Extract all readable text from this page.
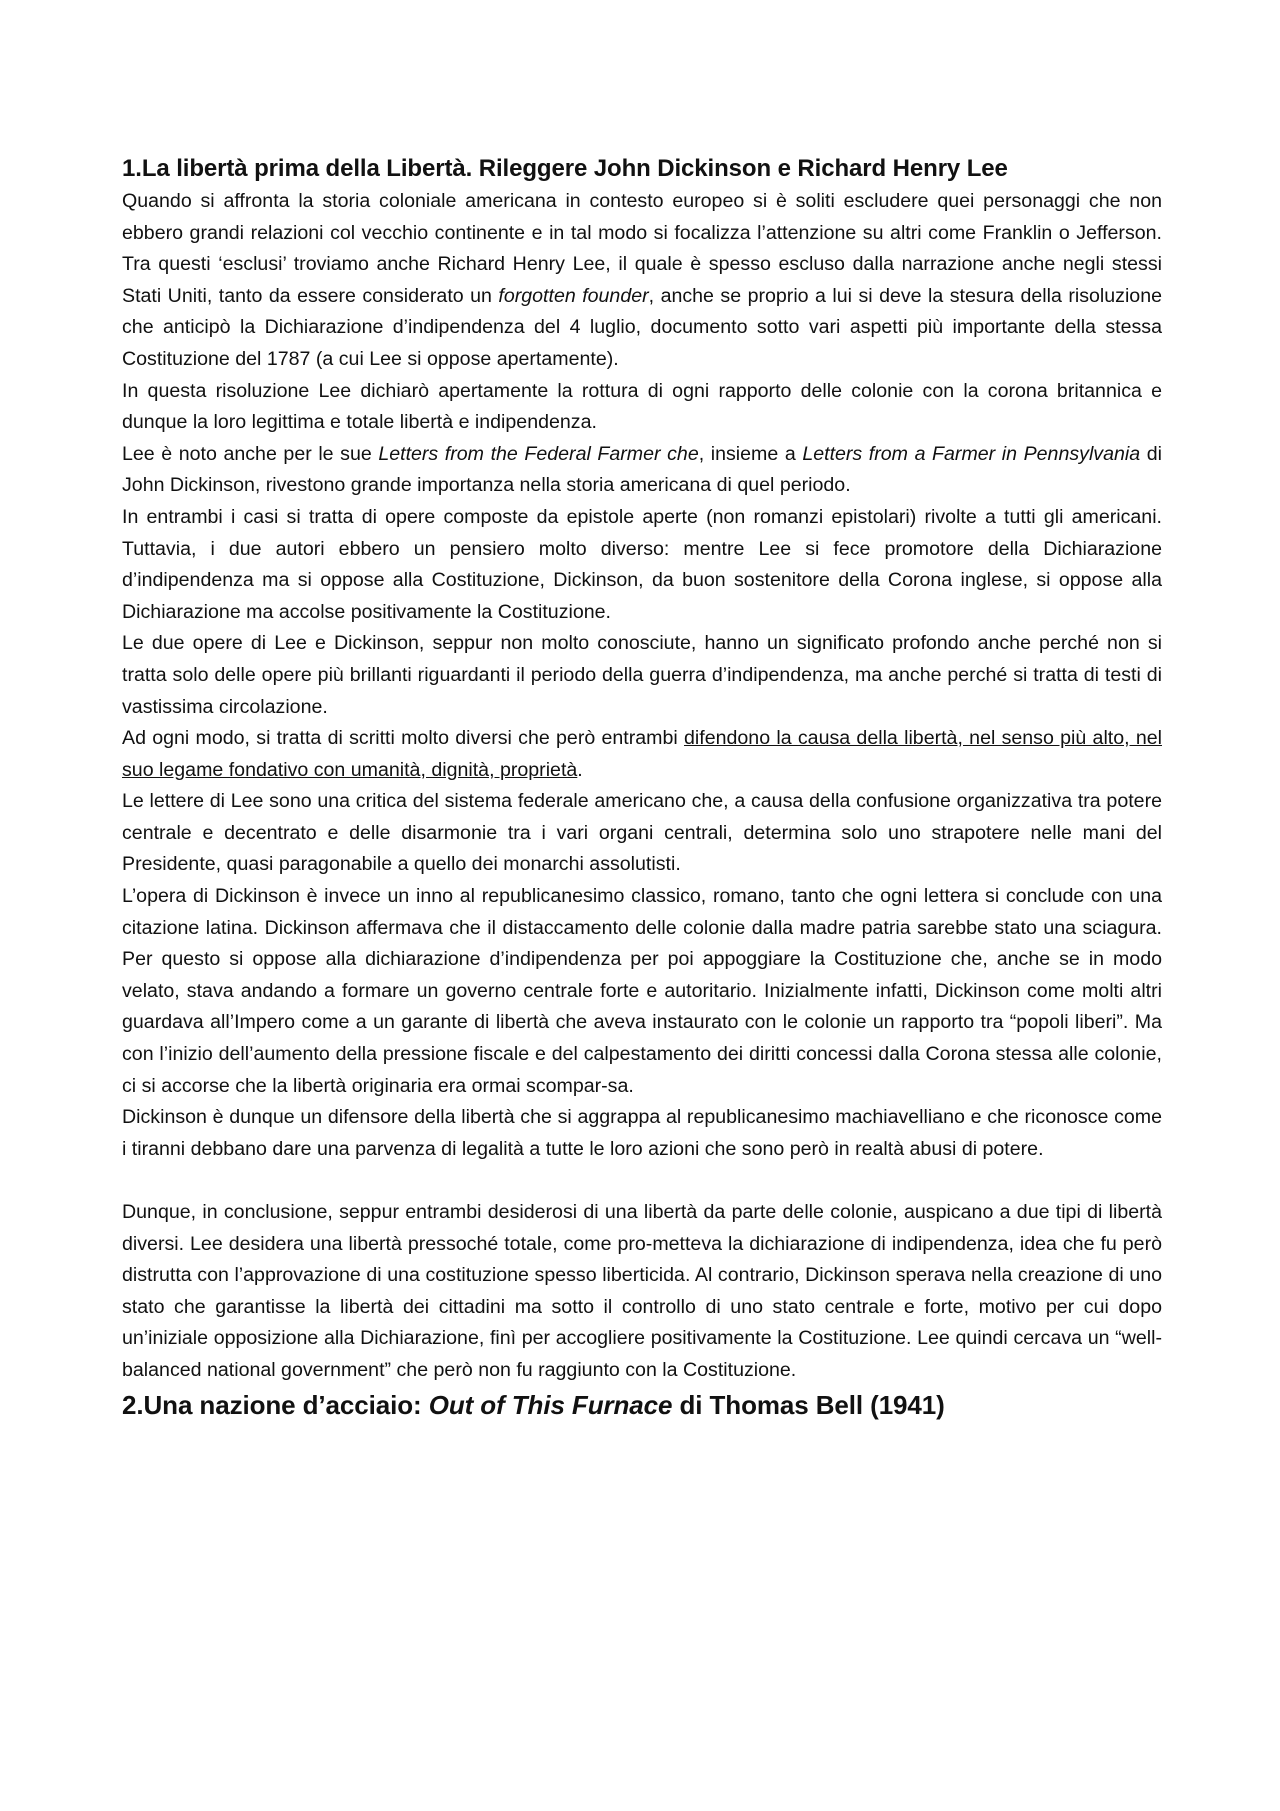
1.La libertà prima della Libertà. Rileggere John Dickinson e Richard Henry Lee

Quando si affronta la storia coloniale americana in contesto europeo si è soliti escludere quei personaggi che non ebbero grandi relazioni col vecchio continente e in tal modo si focalizza l’attenzione su altri come Franklin o Jefferson. Tra questi ‘esclusi’ troviamo anche Richard Henry Lee, il quale è spesso escluso dalla narrazione anche negli stessi Stati Uniti, tanto da essere considerato un forgotten founder, anche se proprio a lui si deve la stesura della risoluzione che anticipò la Dichiarazione d’indipendenza del 4 luglio, documento sotto vari aspetti più importante della stessa Costituzione del 1787 (a cui Lee si oppose apertamente).

In questa risoluzione Lee dichiarò apertamente la rottura di ogni rapporto delle colonie con la corona britannica e dunque la loro legittima e totale libertà e indipendenza.

Lee è noto anche per le sue Letters from the Federal Farmer che, insieme a Letters from a Farmer in Pennsylvania di John Dickinson, rivestono grande importanza nella storia americana di quel periodo.

In entrambi i casi si tratta di opere composte da epistole aperte (non romanzi epistolari) rivolte a tutti gli americani. Tuttavia, i due autori ebbero un pensiero molto diverso: mentre Lee si fece promotore della Dichiarazione d’indipendenza ma si oppose alla Costituzione, Dickinson, da buon sostenitore della Corona inglese, si oppose alla Dichiarazione ma accolse positivamente la Costituzione.

Le due opere di Lee e Dickinson, seppur non molto conosciute, hanno un significato profondo anche perché non si tratta solo delle opere più brillanti riguardanti il periodo della guerra d’indipendenza, ma anche perché si tratta di testi di vastissima circolazione.

Ad ogni modo, si tratta di scritti molto diversi che però entrambi difendono la causa della libertà, nel senso più alto, nel suo legame fondativo con umanità, dignità, proprietà.

Le lettere di Lee sono una critica del sistema federale americano che, a causa della confusione organizzativa tra potere centrale e decentrato e delle disarmonie tra i vari organi centrali, determina solo uno strapotere nelle mani del Presidente, quasi paragonabile a quello dei monarchi assolutisti.

L’opera di Dickinson è invece un inno al republicanesimo classico, romano, tanto che ogni lettera si conclude con una citazione latina. Dickinson affermava che il distaccamento delle colonie dalla madre patria sarebbe stato una sciagura. Per questo si oppose alla dichiarazione d’indipendenza per poi appoggiare la Costituzione che, anche se in modo velato, stava andando a formare un governo centrale forte e autoritario. Inizialmente infatti, Dickinson come molti altri guardava all’Impero come a un garante di libertà che aveva instaurato con le colonie un rapporto tra “popoli liberi”. Ma con l’inizio dell’aumento della pressione fiscale e del calpestamento dei diritti concessi dalla Corona stessa alle colonie, ci si accorse che la libertà originaria era ormai scompar-sa.

Dickinson è dunque un difensore della libertà che si aggrappa al republicanesimo machiavelliano e che riconosce come i tiranni debbano dare una parvenza di legalità a tutte le loro azioni che sono però in realtà abusi di potere.

Dunque, in conclusione, seppur entrambi desiderosi di una libertà da parte delle colonie, auspicano a due tipi di libertà diversi. Lee desidera una libertà pressoché totale, come pro-metteva la dichiarazione di indipendenza, idea che fu però distrutta con l’approvazione di una costituzione spesso liberticida. Al contrario, Dickinson sperava nella creazione di uno stato che garantisse la libertà dei cittadini ma sotto il controllo di uno stato centrale e forte, motivo per cui dopo un’iniziale opposizione alla Dichiarazione, finì per accogliere positivamente la Costituzione. Lee quindi cercava un “well-balanced national government” che però non fu raggiunto con la Costituzione.

2.Una nazione d’acciaio: Out of This Furnace di Thomas Bell (1941)
